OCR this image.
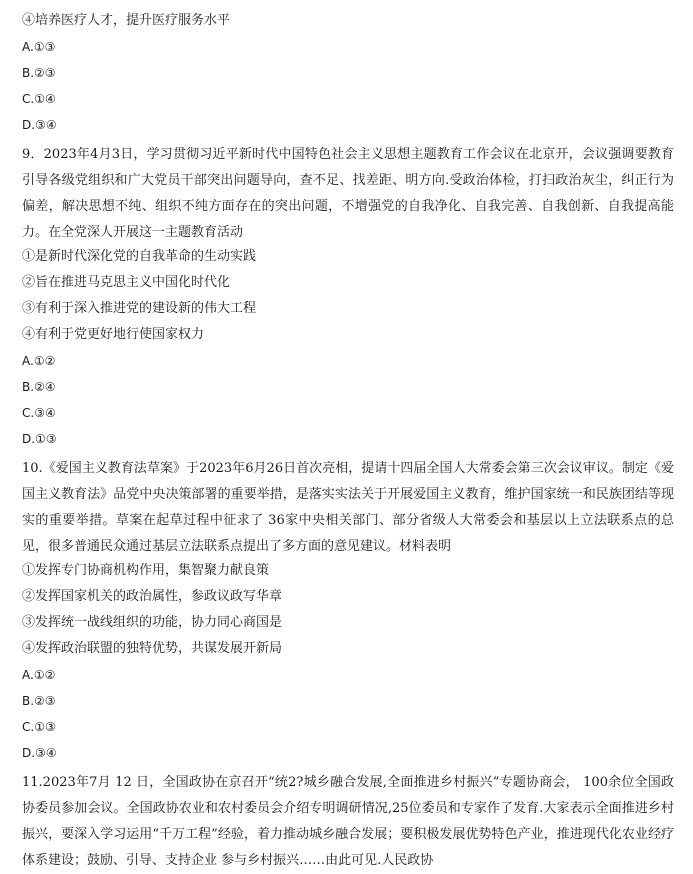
④培养医疗人才，提升医疗服务水平
A.①③
B.②③
C.①④
D.③④

9．2023年4月3日，学习贯彻习近平新时代中国特色社会主义思想主题教育工作会议在北京开，会议强调要教育引导各级党组织和广大党员干部突出问题导向，查不足、找差距、明方向.受政治体检，打扫政治灰尘，纠正行为偏差，解决思想不纯、组织不纯方面存在的突出问题，不增强党的自我净化、自我完善、自我创新、自我提高能力。在全党深人开展这一主题教育活动

①是新时代深化党的自我革命的生动实践
②旨在推进马克思主义中国化时代化
③有利于深入推进党的建设新的伟大工程
④有利于党更好地行使国家权力
A.①②
B.②④
C.③④
D.①③

10.《爱国主义教育法草案》于2023年6月26日首次亮相，提请十四届全国人大常委会第三次会议审议。制定《爱国主义教育法》品党中央决策部署的重要举措，是落实实法关于开展爱国主义教育，维护国家统一和民族团结等现实的重要举措。草案在起草过程中征求了 36家中央相关部门、部分省级人大常委会和基层以上立法联系点的总见，很多普通民众通过基层立法联系点提出了多方面的意见建议。材料表明

①发挥专门协商机构作用，集智聚力献良策
②发挥国家机关的政治属性，参政议政写华章
③发挥统一战线组织的功能，协力同心商国是
④发挥政治联盟的独特优势，共谋发展开新局
A.①②
B.②③
C.①③
D.③④

11.2023年7月 12 日，全国政协在京召开“统2?城乡融合发展,全面推进乡村振兴”专题协商会， 100余位全国政协委员参加会议。全国政协农业和农村委员会介绍专明调研情况,25位委员和专家作了发育.大家表示全面推进乡村振兴，要深入学习运用“千万工程”经验，着力推动城乡融合发展；要积极发展优势特色产业，推进现代化农业经疗体系建设；鼓励、引导、支持企业 参与乡村振兴……由此可见.人民政协
